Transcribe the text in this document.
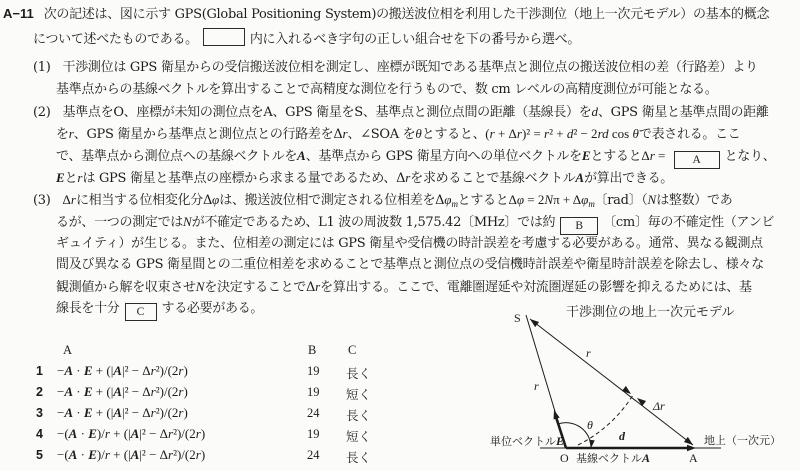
A−11 次の記述は、図に示す GPS(Global Positioning System)の搬送波位相を利用した干渉測位（地上一次元モデル）の基本的概念
について述べたものである。	内に入れるべき字句の正しい組合せを下の番号から選べ。
(1) 干渉測位は GPS 衛星からの受信搬送波位相を測定し、座標が既知である基準点と測位点の搬送波位相の差（行路差）より
基準点からの基線ベクトルを算出することで高精度な測位を行うもので、数 cm レベルの高精度測位が可能となる。
(2) 基準点をO、座標が未知の測位点をA、GPS 衛星をS、基準点と測位点間の距離（基線長）をd、GPS 衛星と基準点間の距離
をr、GPS 衛星から基準点と測位点との行路差をΔr、∠SOA をθとすると、(r + Δr)² = r² + d² − 2rd cos θで表される。ここ
で、基準点から測位点への基線ベクトルをA、基準点から GPS 衛星方向への単位ベクトルをEとするとΔr = A となり、
Eとrは GPS 衛星と基準点の座標から求まる量であるため、Δrを求めることで基線ベクトルAが算出できる。
(3) Δrに相当する位相変化分Δφは、搬送波位相で測定される位相差を$\Delta\varphi_m$とすると$\Delta\varphi = 2N\pi + \Delta\varphi_m$〔rad〕（Nは整数）であ
るが、一つの測定ではNが不確定であるため、L1 波の周波数 1,575.42〔MHz〕では約 B 〔cm〕毎の不確定性（アンビ
ギュイティ）が生じる。また、位相差の測定には GPS 衛星や受信機の時計誤差を考慮する必要がある。通常、異なる観測点
間及び異なる GPS 衛星間との二重位相差を求めることで基準点と測位点の受信機時計誤差や衛星時計誤差を除去し、様々な
観測値から解を収束させNを決定することでΔrを算出する。ここで、電離圏遅延や対流圏遅延の影響を抑えるためには、基
線長を十分 C する必要がある。
A	B	C
1 −A · E + (|A|² − Δr²)/(2r)	19 長く
2 −A · E + (|A|² − Δr²)/(2r)	19 短く
3 −A · E + (|A|² − Δr²)/(2r)	24 長く
4 −(A · E)/r + (|A|² − Δr²)/(2r)	19 短く
5 −(A · E)/r + (|A|² − Δr²)/(2r)	24 長く
干渉測位の地上一次元モデル
S
r
r
Δr
θ
d
単位ベクトルE
基線ベクトルA
O	A
地上（一次元）
